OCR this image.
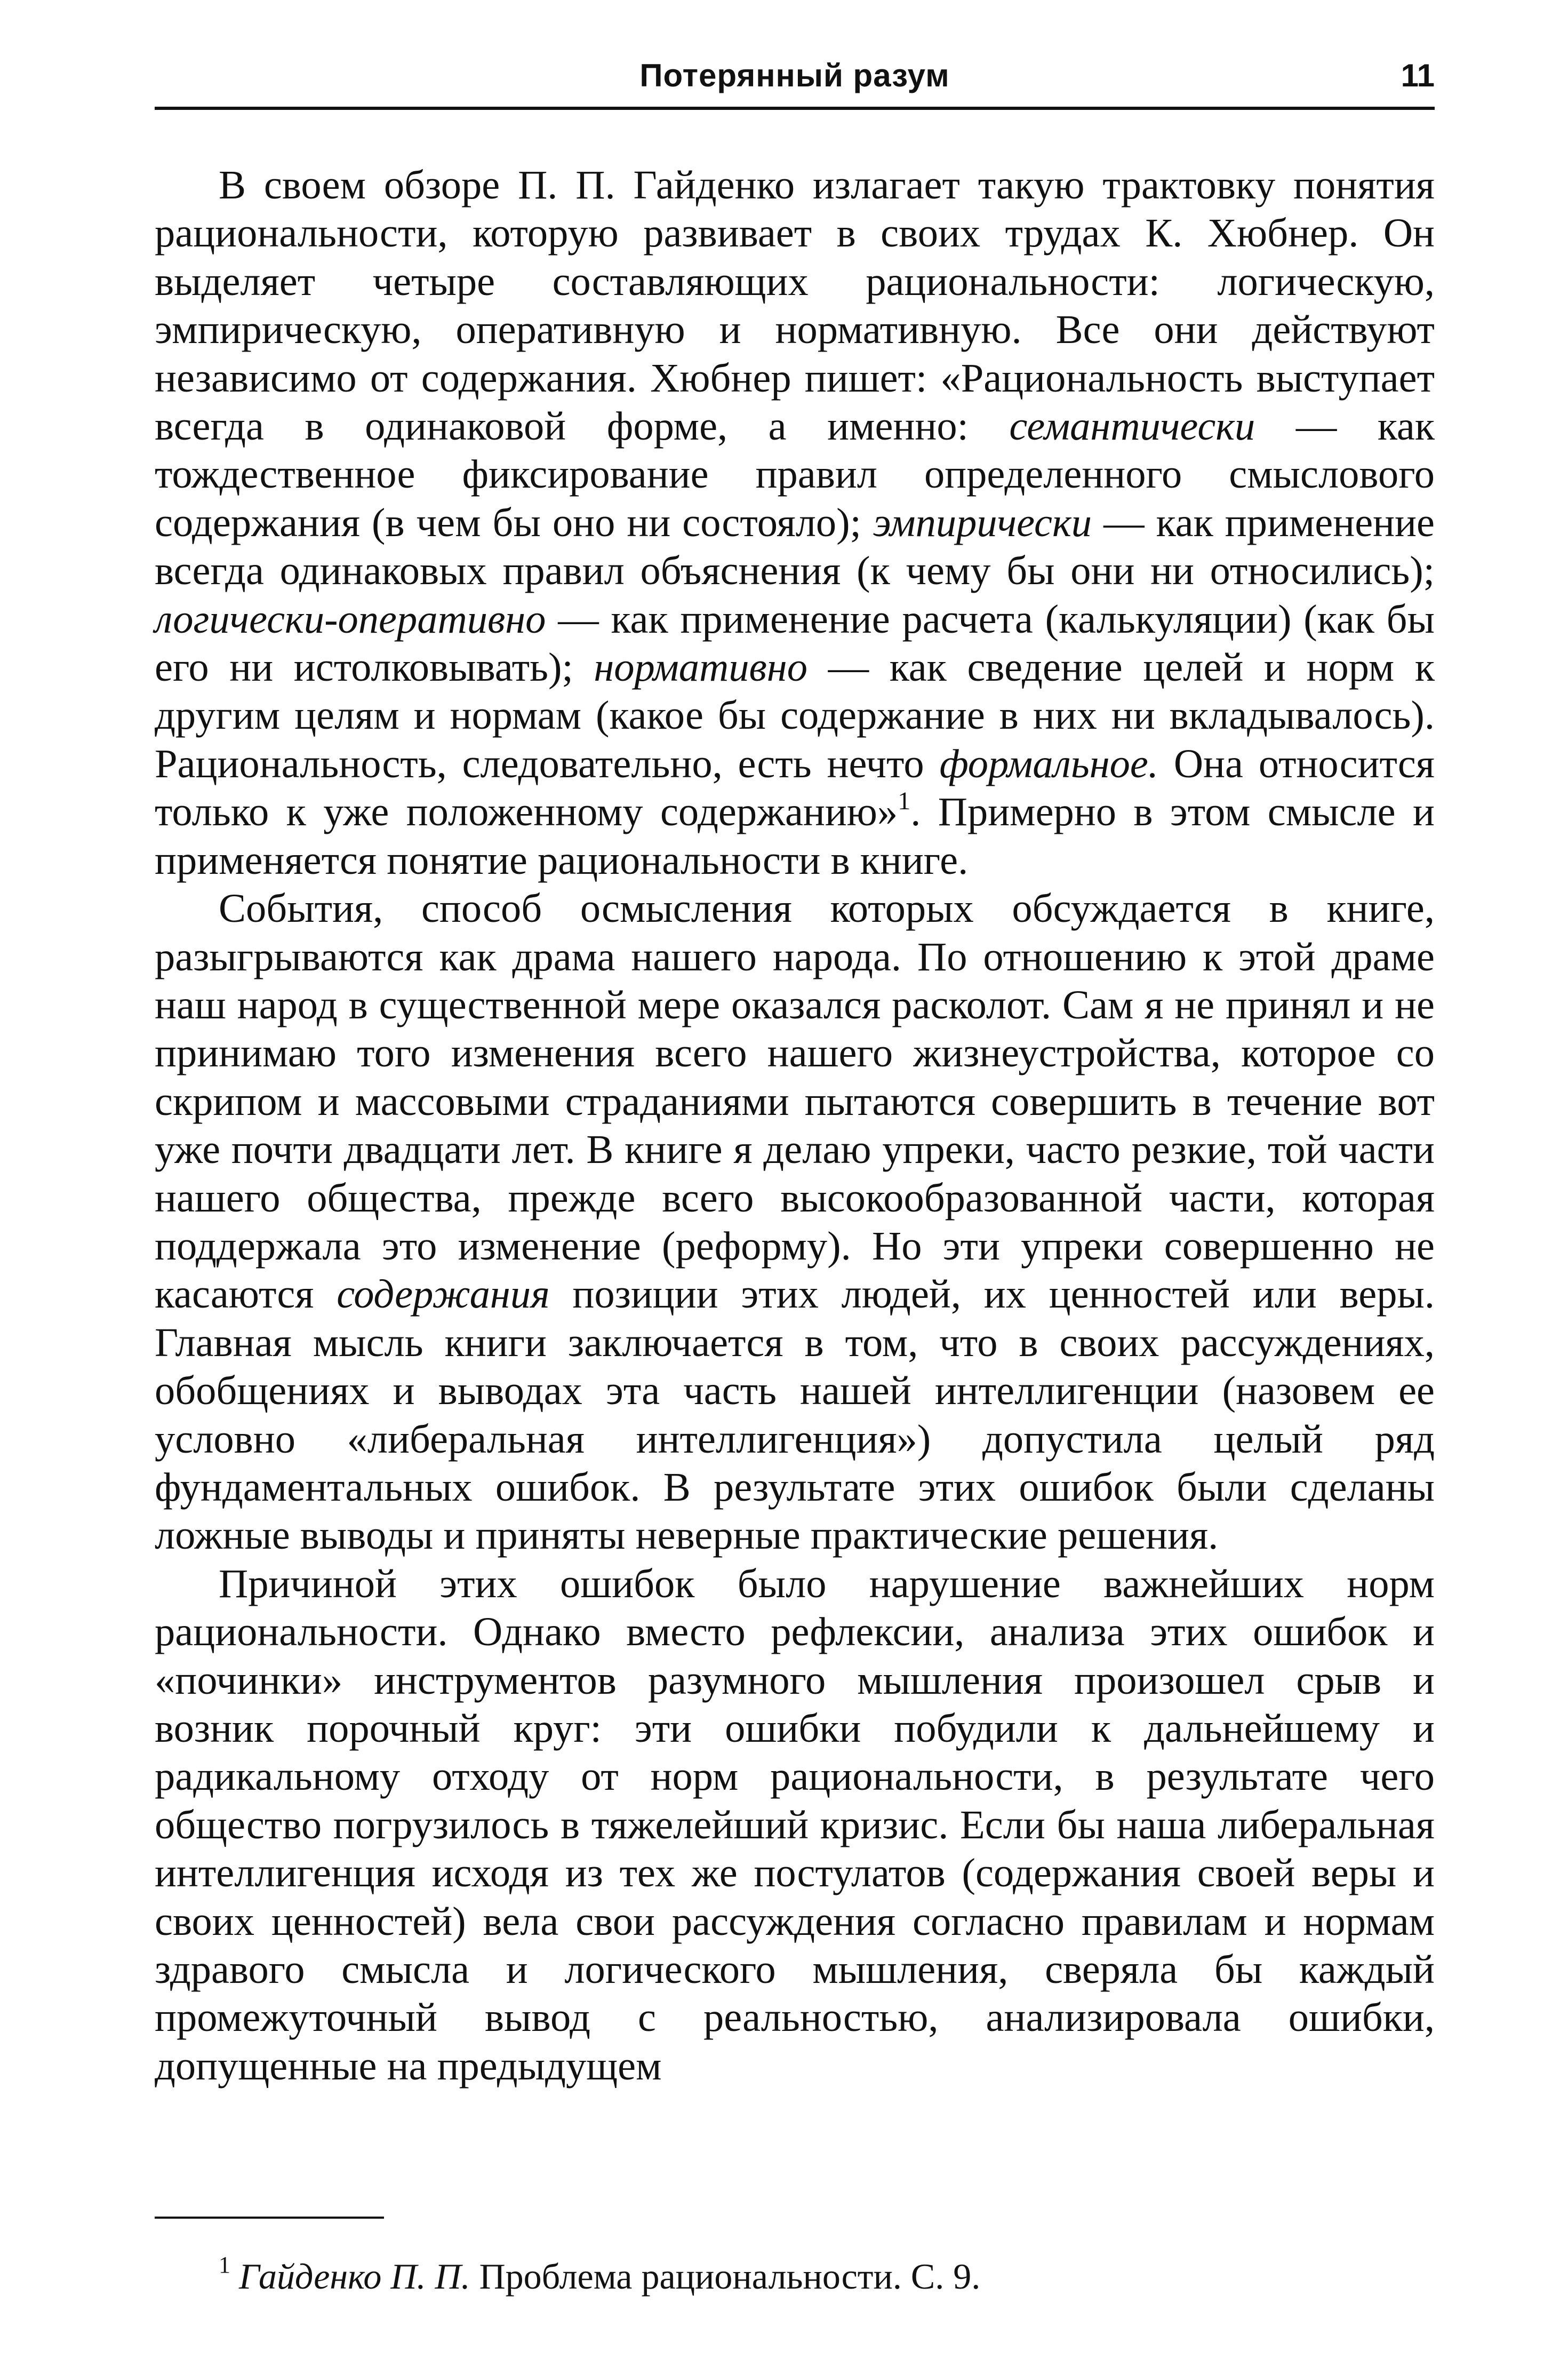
Потерянный разум	11

В своем обзоре П. П. Гайденко излагает такую трактовку понятия рациональности, которую развивает в своих трудах К. Хюбнер. Он выделяет четыре составляющих рациональности: логическую, эмпирическую, оперативную и нормативную. Все они действуют независимо от содержания. Хюбнер пишет: «Рациональность выступает всегда в одинаковой форме, а именно: семантически — как тождественное фиксирование правил определенного смыслового содержания (в чем бы оно ни состояло); эмпирически — как применение всегда одинаковых правил объяснения (к чему бы они ни относились); логически-оперативно — как применение расчета (калькуляции) (как бы его ни истолковывать); нормативно — как сведение целей и норм к другим целям и нормам (какое бы содержание в них ни вкладывалось). Рациональность, следовательно, есть нечто формальное. Она относится только к уже положенному содержанию»$^1$. Примерно в этом смысле и применяется понятие рациональности в книге.

События, способ осмысления которых обсуждается в книге, разыгрываются как драма нашего народа. По отношению к этой драме наш народ в существенной мере оказался расколот. Сам я не принял и не принимаю того изменения всего нашего жизнеустройства, которое со скрипом и массовыми страданиями пытаются совершить в течение вот уже почти двадцати лет. В книге я делаю упреки, часто резкие, той части нашего общества, прежде всего высокообразованной части, которая поддержала это изменение (реформу). Но эти упреки совершенно не касаются содержания позиции этих людей, их ценностей или веры. Главная мысль книги заключается в том, что в своих рассуждениях, обобщениях и выводах эта часть нашей интеллигенции (назовем ее условно «либеральная интеллигенция») допустила целый ряд фундаментальных ошибок. В результате этих ошибок были сделаны ложные выводы и приняты неверные практические решения.

Причиной этих ошибок было нарушение важнейших норм рациональности. Однако вместо рефлексии, анализа этих ошибок и «починки» инструментов разумного мышления произошел срыв и возник порочный круг: эти ошибки побудили к дальнейшему и радикальному отходу от норм рациональности, в результате чего общество погрузилось в тяжелейший кризис. Если бы наша либеральная интеллигенция исходя из тех же постулатов (содержания своей веры и своих ценностей) вела свои рассуждения согласно правилам и нормам здравого смысла и логического мышления, сверяла бы каждый промежуточный вывод с реальностью, анализировала ошибки, допущенные на предыдущем

$^1$ Гайденко П. П. Проблема рациональности. С. 9.
